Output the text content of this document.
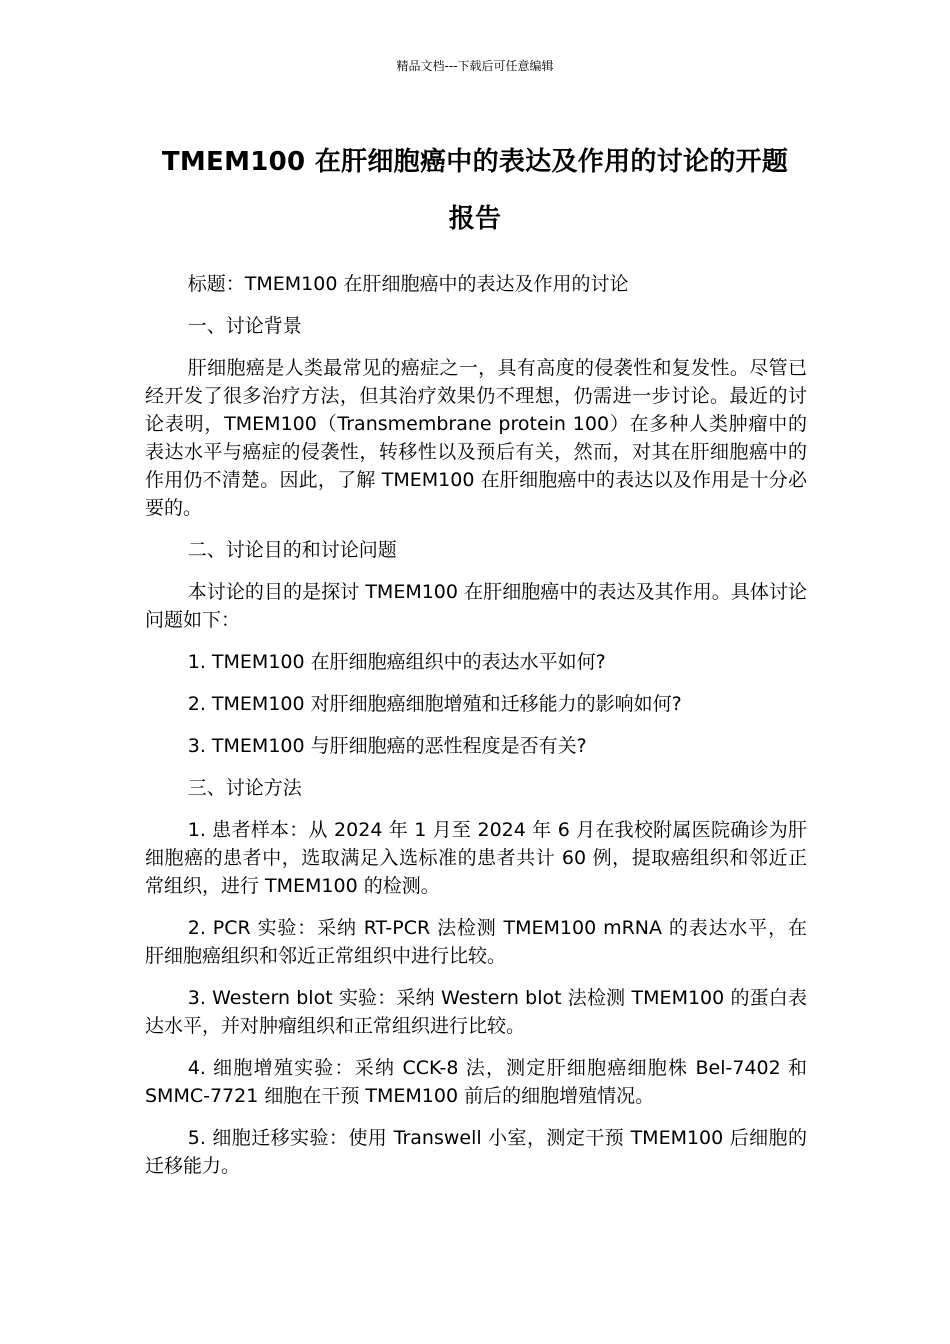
精品文档---下载后可任意编辑
TMEM100 在肝细胞癌中的表达及作用的讨论的开题
报告

标题：TMEM100 在肝细胞癌中的表达及作用的讨论

一、讨论背景

肝细胞癌是人类最常见的癌症之一，具有高度的侵袭性和复发性。尽管已经开发了很多治疗方法，但其治疗效果仍不理想，仍需进一步讨论。最近的讨论表明，TMEM100（Transmembrane protein 100）在多种人类肿瘤中的表达水平与癌症的侵袭性，转移性以及预后有关，然而，对其在肝细胞癌中的作用仍不清楚。因此，了解 TMEM100 在肝细胞癌中的表达以及作用是十分必要的。

二、讨论目的和讨论问题

本讨论的目的是探讨 TMEM100 在肝细胞癌中的表达及其作用。具体讨论问题如下：

1. TMEM100 在肝细胞癌组织中的表达水平如何?

2. TMEM100 对肝细胞癌细胞增殖和迁移能力的影响如何?

3. TMEM100 与肝细胞癌的恶性程度是否有关?

三、讨论方法

1. 患者样本：从 2024 年 1 月至 2024 年 6 月在我校附属医院确诊为肝细胞癌的患者中，选取满足入选标准的患者共计 60 例，提取癌组织和邻近正常组织，进行 TMEM100 的检测。

2. PCR 实验：采纳 RT-PCR 法检测 TMEM100 mRNA 的表达水平，在肝细胞癌组织和邻近正常组织中进行比较。

3. Western blot 实验：采纳 Western blot 法检测 TMEM100 的蛋白表达水平，并对肿瘤组织和正常组织进行比较。

4. 细胞增殖实验：采纳 CCK-8 法，测定肝细胞癌细胞株 Bel-7402 和 SMMC-7721 细胞在干预 TMEM100 前后的细胞增殖情况。

5. 细胞迁移实验：使用 Transwell 小室，测定干预 TMEM100 后细胞的迁移能力。
